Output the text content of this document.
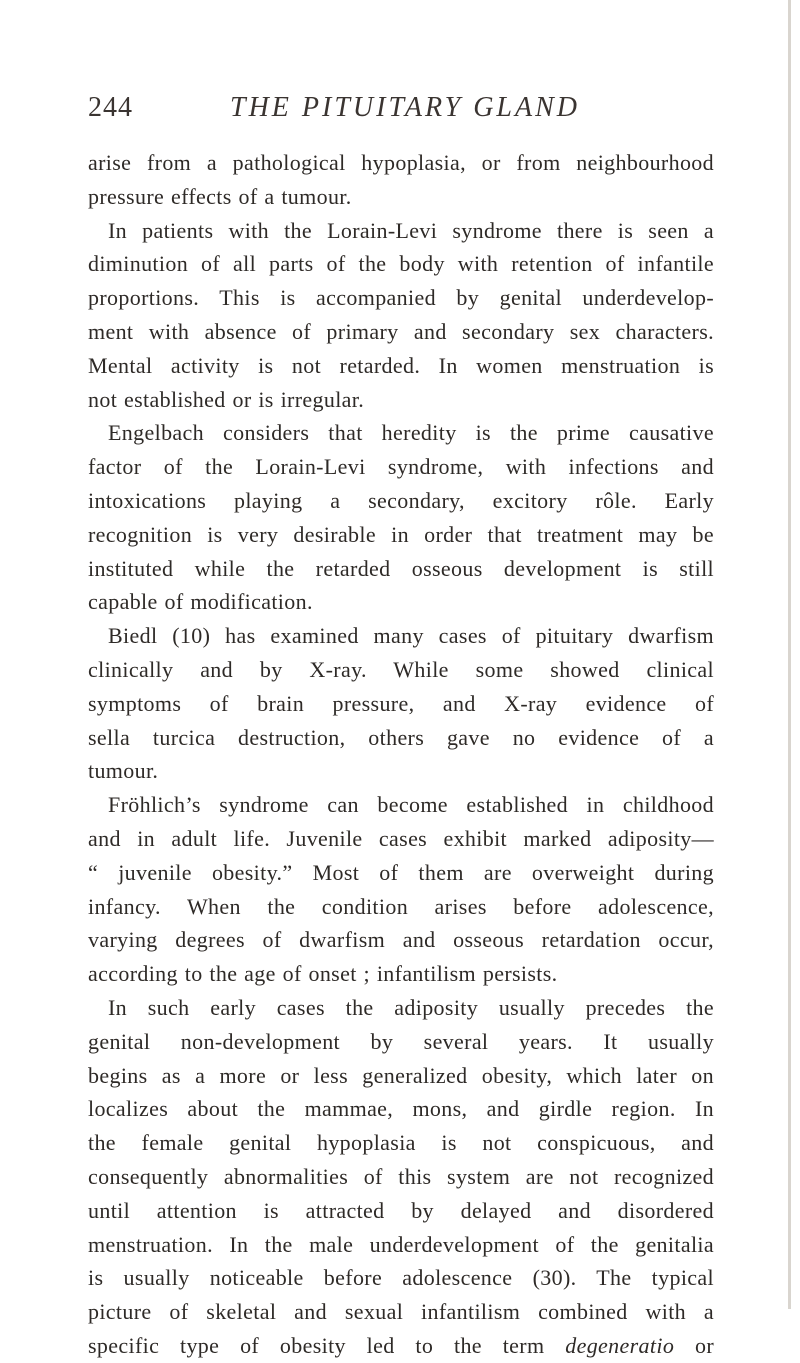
244	THE PITUITARY GLAND
arise from a pathological hypoplasia, or from neighbourhood
pressure effects of a tumour.
In patients with the Lorain-Levi syndrome there is seen a
diminution of all parts of the body with retention of infantile
proportions. This is accompanied by genital underdevelop-
ment with absence of primary and secondary sex characters.
Mental activity is not retarded. In women menstruation is
not established or is irregular.
Engelbach considers that heredity is the prime causative
factor of the Lorain-Levi syndrome, with infections and
intoxications playing a secondary, excitory rôle. Early
recognition is very desirable in order that treatment may be
instituted while the retarded osseous development is still
capable of modification.
Biedl (10) has examined many cases of pituitary dwarfism
clinically and by X-ray. While some showed clinical
symptoms of brain pressure, and X-ray evidence of
sella turcica destruction, others gave no evidence of a
tumour.
Fröhlich’s syndrome can become established in childhood
and in adult life. Juvenile cases exhibit marked adiposity—
“ juvenile obesity.” Most of them are overweight during
infancy. When the condition arises before adolescence,
varying degrees of dwarfism and osseous retardation occur,
according to the age of onset ; infantilism persists.
In such early cases the adiposity usually precedes the
genital non-development by several years. It usually
begins as a more or less generalized obesity, which later on
localizes about the mammae, mons, and girdle region. In
the female genital hypoplasia is not conspicuous, and
consequently abnormalities of this system are not recognized
until attention is attracted by delayed and disordered
menstruation. In the male underdevelopment of the genitalia
is usually noticeable before adolescence (30). The typical
picture of skeletal and sexual infantilism combined with a
specific type of obesity led to the term degeneratio or
